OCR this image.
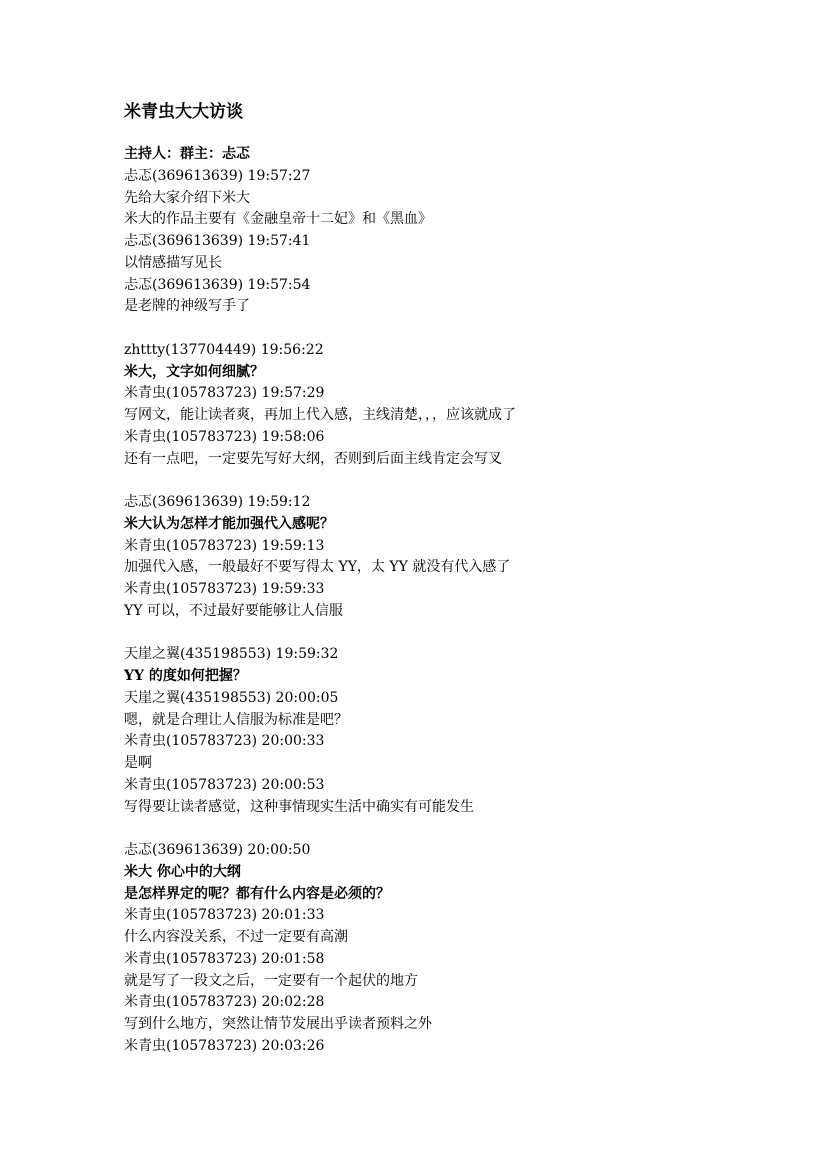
米青虫大大访谈
主持人：群主：忐忑
忐忑(369613639) 19:57:27
先给大家介绍下米大
米大的作品主要有《金融皇帝十二妃》和《黑血》
忐忑(369613639) 19:57:41
以情感描写见长
忐忑(369613639) 19:57:54
是老牌的神级写手了
zhttty(137704449) 19:56:22
米大，文字如何细腻？
米青虫(105783723) 19:57:29
写网文，能让读者爽，再加上代入感，主线清楚，，，应该就成了
米青虫(105783723) 19:58:06
还有一点吧，一定要先写好大纲，否则到后面主线肯定会写叉
忐忑(369613639) 19:59:12
米大认为怎样才能加强代入感呢？
米青虫(105783723) 19:59:13
加强代入感，一般最好不要写得太 YY，太 YY 就没有代入感了
米青虫(105783723) 19:59:33
YY 可以，不过最好要能够让人信服
天崖之翼(435198553) 19:59:32
YY 的度如何把握？
天崖之翼(435198553) 20:00:05
嗯，就是合理让人信服为标准是吧？
米青虫(105783723) 20:00:33
是啊
米青虫(105783723) 20:00:53
写得要让读者感觉，这种事情现实生活中确实有可能发生
忐忑(369613639) 20:00:50
米大 你心中的大纲
是怎样界定的呢？都有什么内容是必须的？
米青虫(105783723) 20:01:33
什么内容没关系，不过一定要有高潮
米青虫(105783723) 20:01:58
就是写了一段文之后，一定要有一个起伏的地方
米青虫(105783723) 20:02:28
写到什么地方，突然让情节发展出乎读者预料之外
米青虫(105783723) 20:03:26
